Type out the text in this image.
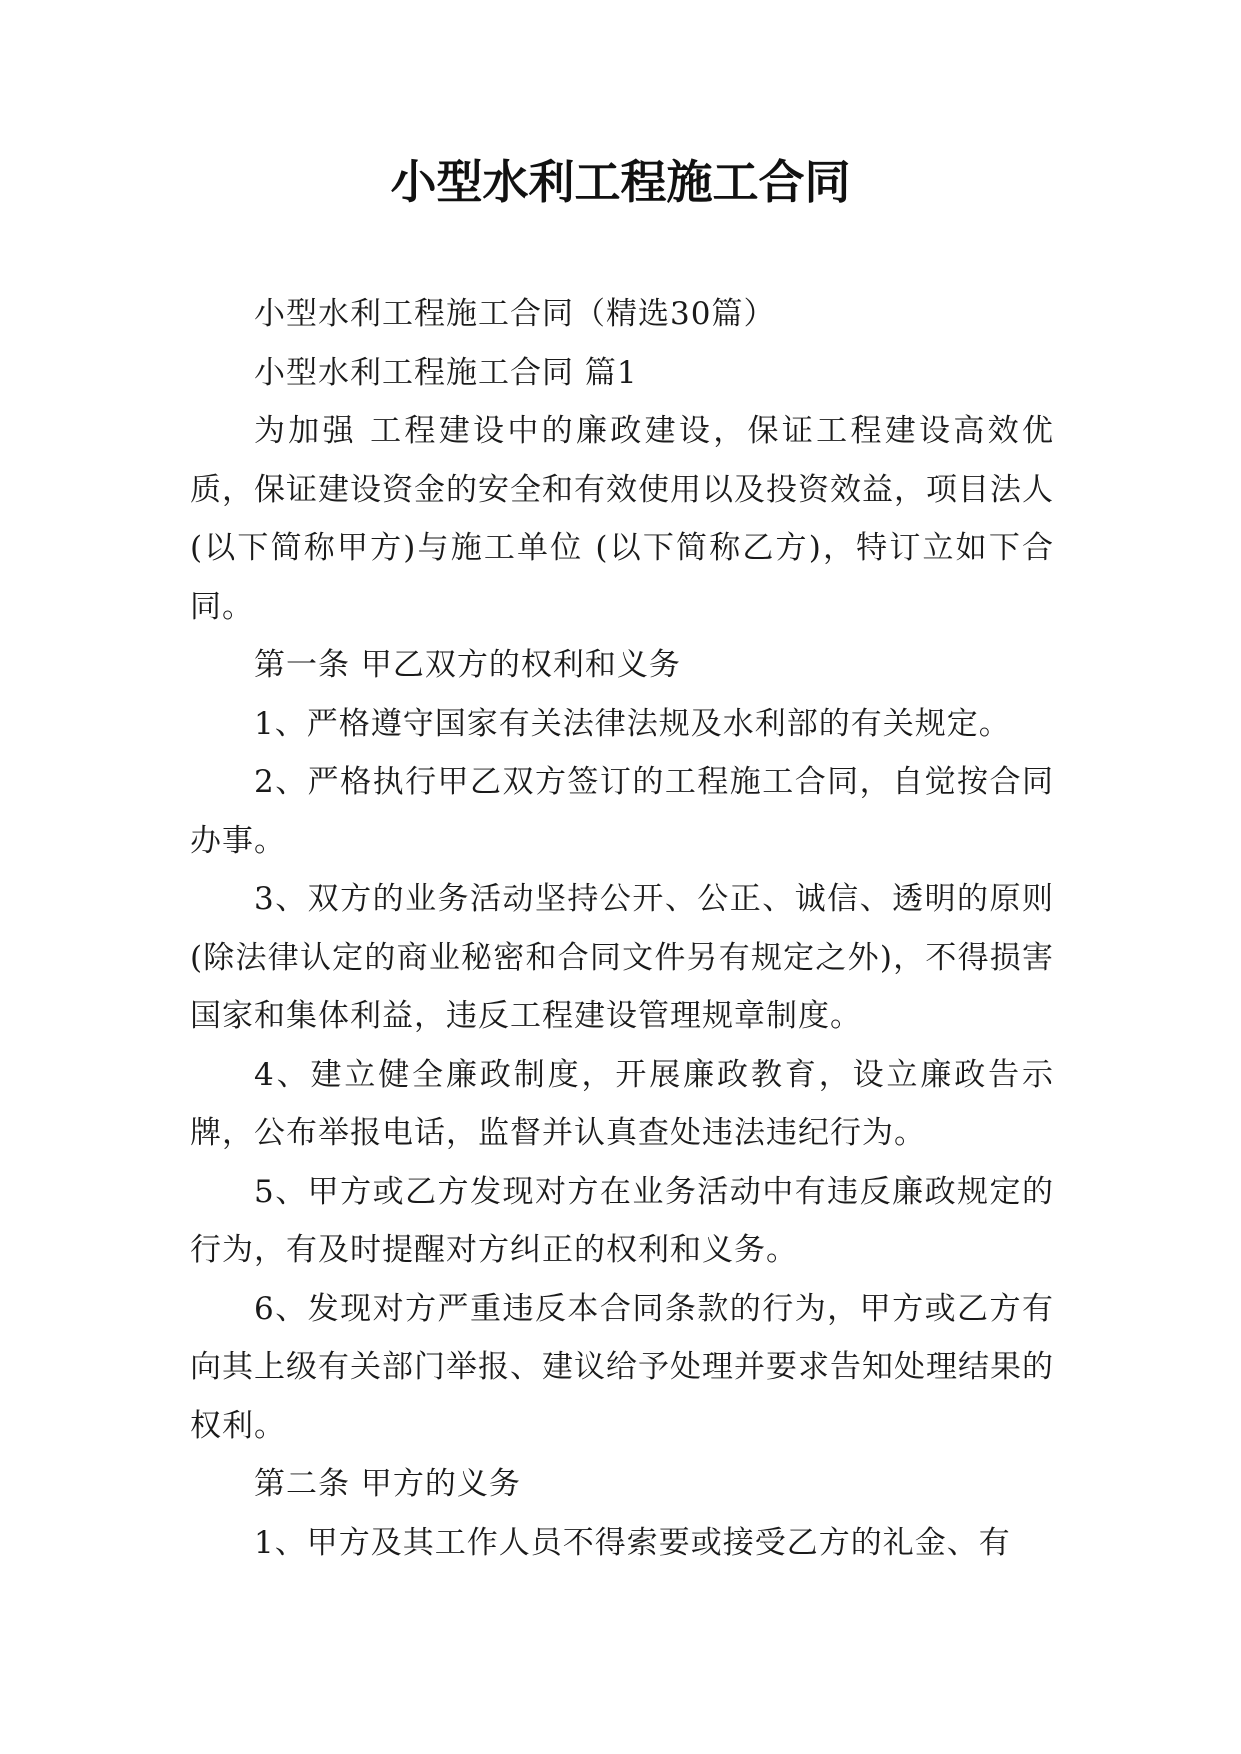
小型水利工程施工合同

小型水利工程施工合同（精选30篇）

小型水利工程施工合同 篇1

为加强 工程建设中的廉政建设，保证工程建设高效优质，保证建设资金的安全和有效使用以及投资效益，项目法人 (以下简称甲方)与施工单位 (以下简称乙方)，特订立如下合同。

第一条 甲乙双方的权利和义务

1、严格遵守国家有关法律法规及水利部的有关规定。

2、严格执行甲乙双方签订的工程施工合同，自觉按合同办事。

3、双方的业务活动坚持公开、公正、诚信、透明的原则(除法律认定的商业秘密和合同文件另有规定之外)，不得损害国家和集体利益，违反工程建设管理规章制度。

4、建立健全廉政制度，开展廉政教育，设立廉政告示牌，公布举报电话，监督并认真查处违法违纪行为。

5、甲方或乙方发现对方在业务活动中有违反廉政规定的行为，有及时提醒对方纠正的权利和义务。

6、发现对方严重违反本合同条款的行为，甲方或乙方有向其上级有关部门举报、建议给予处理并要求告知处理结果的权利。

第二条 甲方的义务

1、甲方及其工作人员不得索要或接受乙方的礼金、有
